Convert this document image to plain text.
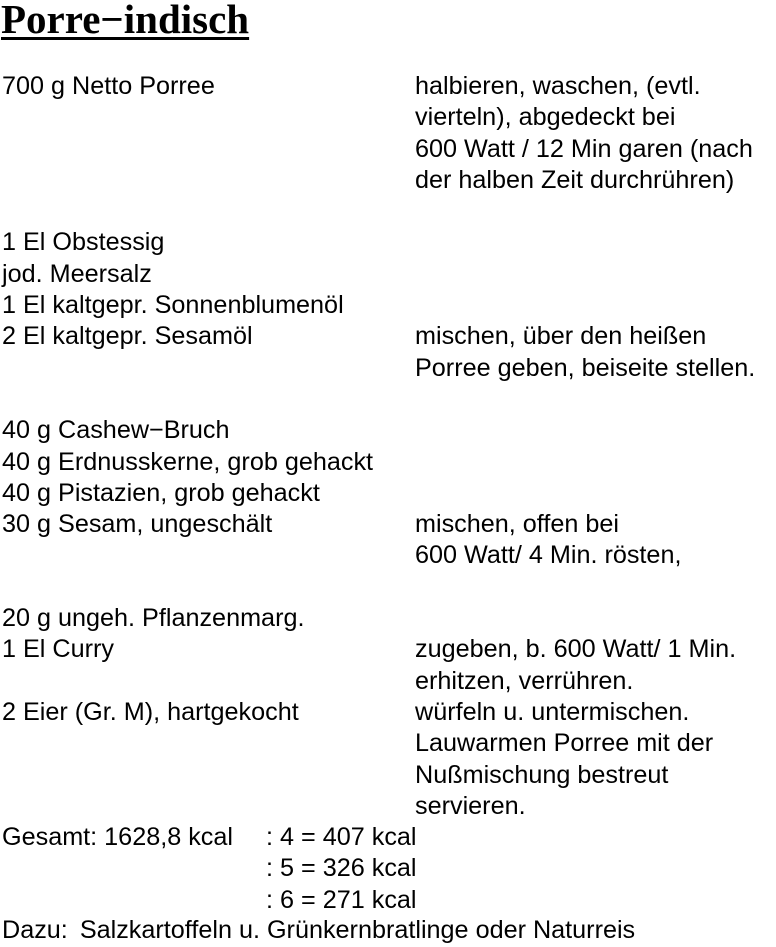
Porre−indisch
700 g Netto Porree
1 El Obstessig
jod. Meersalz
1 El kaltgepr. Sonnenblumenöl
2 El kaltgepr. Sesamöl
40 g Cashew−Bruch
40 g Erdnusskerne, grob gehackt
40 g Pistazien, grob gehackt
30 g Sesam, ungeschält
20 g ungeh. Pflanzenmarg.
1 El Curry
2 Eier (Gr. M), hartgekocht
halbieren, waschen, (evtl.
vierteln), abgedeckt bei
600 Watt / 12 Min garen (nach
der halben Zeit durchrühren)
mischen, über den heißen
Porree geben, beiseite stellen.
mischen, offen bei
600 Watt/ 4 Min. rösten,
zugeben, b. 600 Watt/ 1 Min.
erhitzen, verrühren.
würfeln u. untermischen.
Lauwarmen Porree mit der
Nußmischung bestreut
servieren.
Gesamt: 1628,8 kcal : 4 = 407 kcal
: 5 = 326 kcal
: 6 = 271 kcal
Dazu: Salzkartoffeln u. Grünkernbratlinge oder Naturreis
